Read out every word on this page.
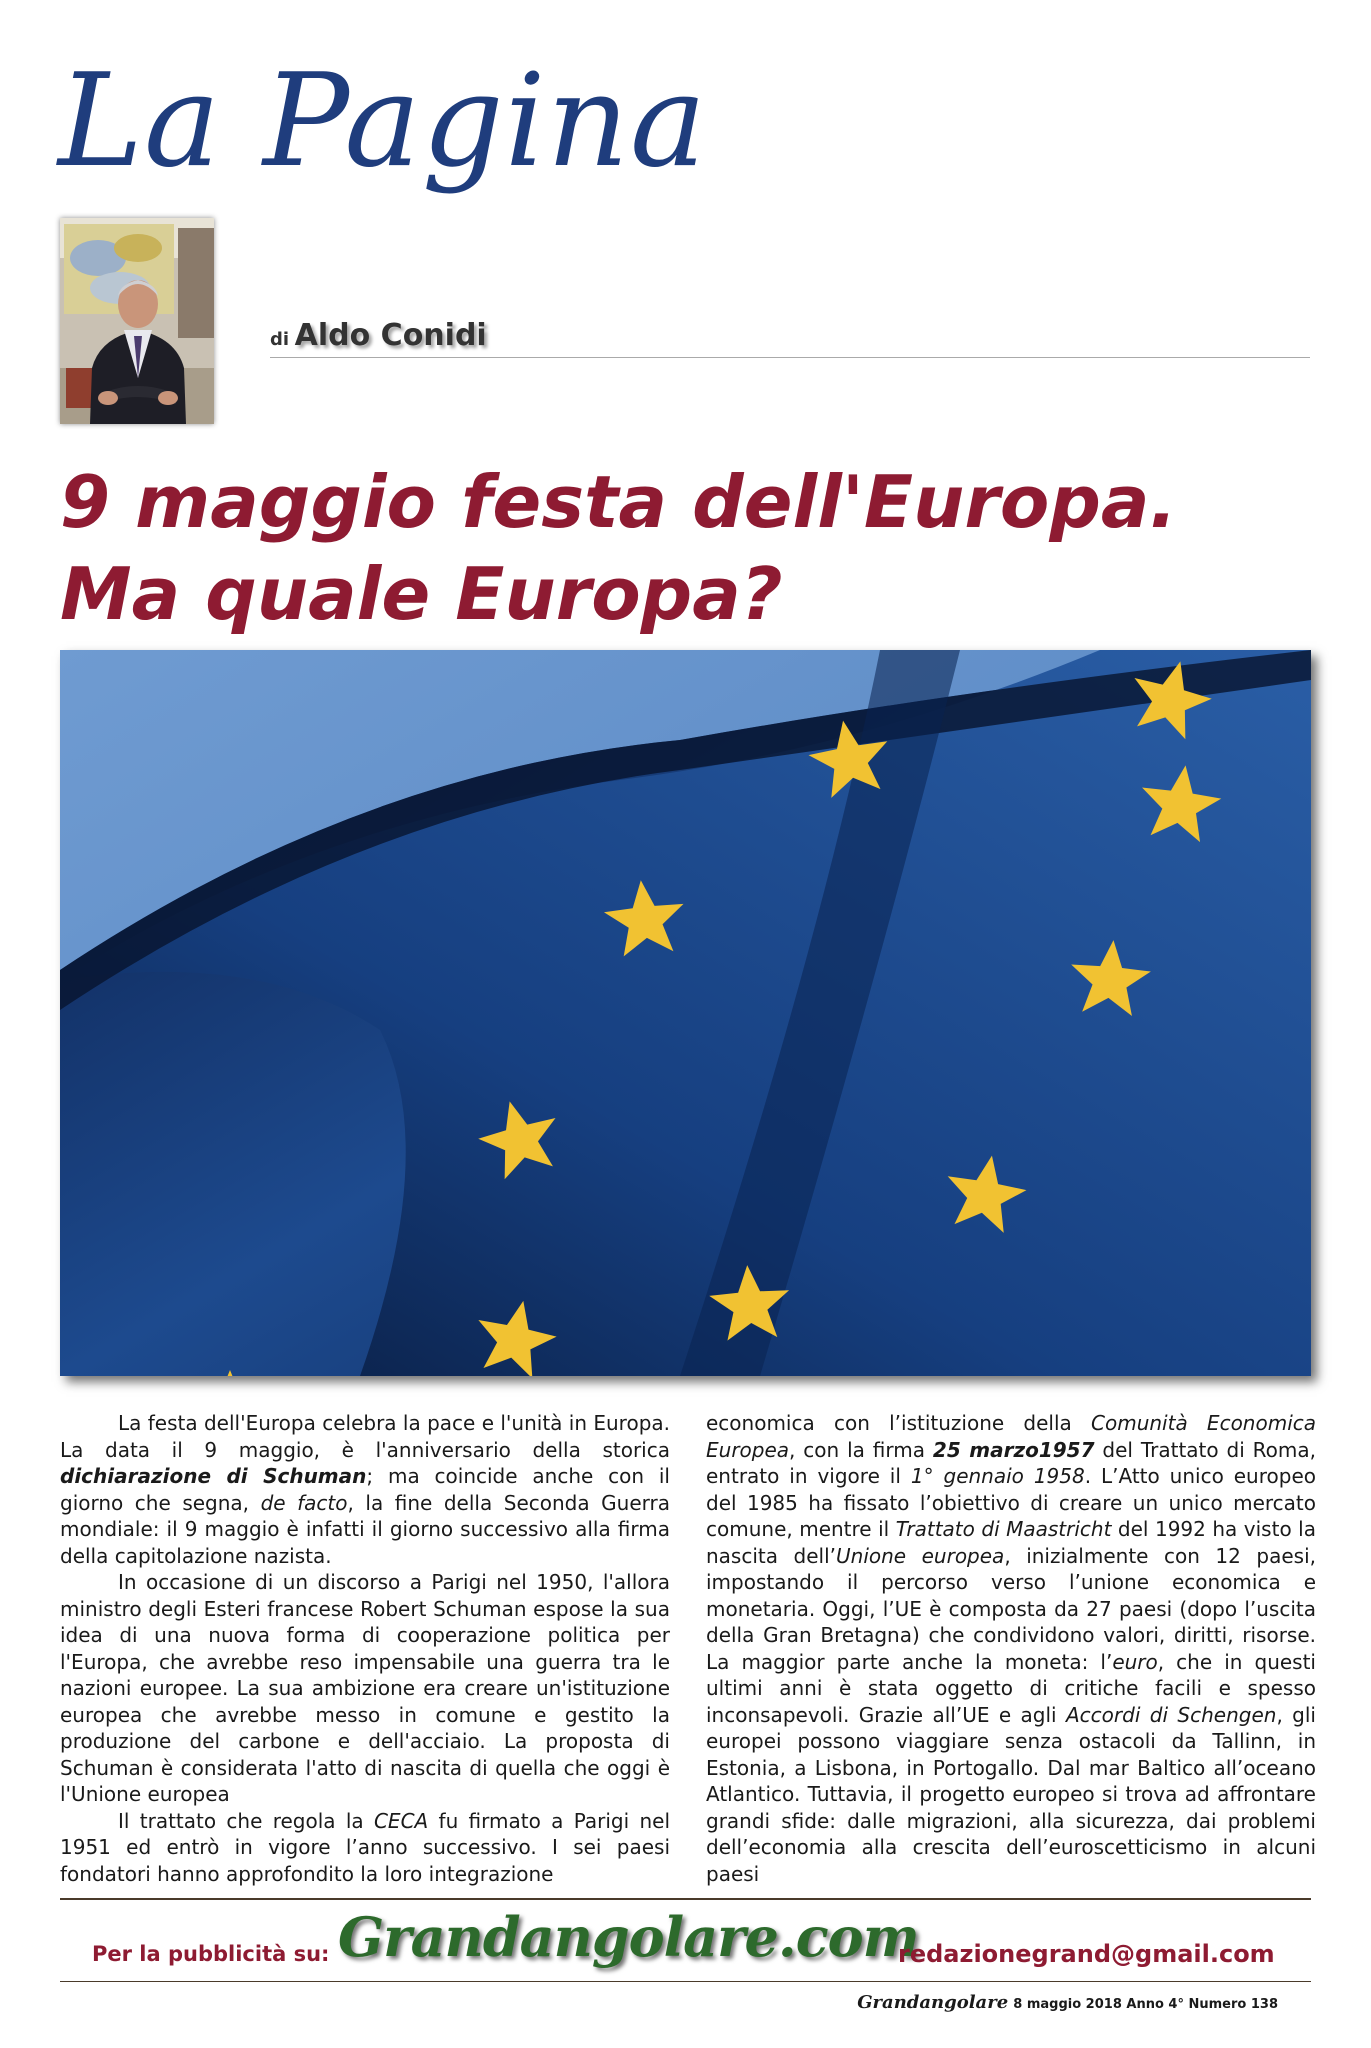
La Pagina
di Aldo Conidi
9 maggio festa dell'Europa.
Ma quale Europa?

La festa dell'Europa celebra la pace e l'unità in Europa. La data il 9 maggio, è l'anniversario della storica dichiarazione di Schuman; ma coincide anche con il giorno che segna, de facto, la fine della Seconda Guerra mondiale: il 9 maggio è infatti il giorno successivo alla firma della capitolazione nazista.

In occasione di un discorso a Parigi nel 1950, l'allora ministro degli Esteri francese Robert Schuman espose la sua idea di una nuova forma di cooperazione politica per l'Europa, che avrebbe reso impensabile una guerra tra le nazioni europee. La sua ambizione era creare un'istituzione europea che avrebbe messo in comune e gestito la produzione del carbone e dell'acciaio. La proposta di Schuman è considerata l'atto di nascita di quella che oggi è l'Unione europea

Il trattato che regola la CECA fu firmato a Parigi nel 1951 ed entrò in vigore l’anno successivo. I sei paesi fondatori hanno approfondito la loro integrazione

economica con l’istituzione della Comunità Economica Europea, con la firma 25 marzo1957 del Trattato di Roma, entrato in vigore il 1° gennaio 1958. L’Atto unico europeo del 1985 ha fissato l’obiettivo di creare un unico mercato comune, mentre il Trattato di Maastricht del 1992 ha visto la nascita dell’Unione europea, inizialmente con 12 paesi, impostando il percorso verso l’unione economica e monetaria. Oggi, l’UE è composta da 27 paesi (dopo l’uscita della Gran Bretagna) che condividono valori, diritti, risorse. La maggior parte anche la moneta: l’euro, che in questi ultimi anni è stata oggetto di critiche facili e spesso inconsapevoli. Grazie all’UE e agli Accordi di Schengen, gli europei possono viaggiare senza ostacoli da Tallinn, in Estonia, a Lisbona, in Portogallo. Dal mar Baltico all’oceano Atlantico. Tuttavia, il progetto europeo si trova ad affrontare grandi sfide: dalle migrazioni, alla sicurezza, dai problemi dell’economia alla crescita dell’euroscetticismo in alcuni paesi

Per la pubblicità su: Grandangolare.com
redazionegrand@gmail.com
Grandangolare 8 maggio 2018 Anno 4° Numero 138
